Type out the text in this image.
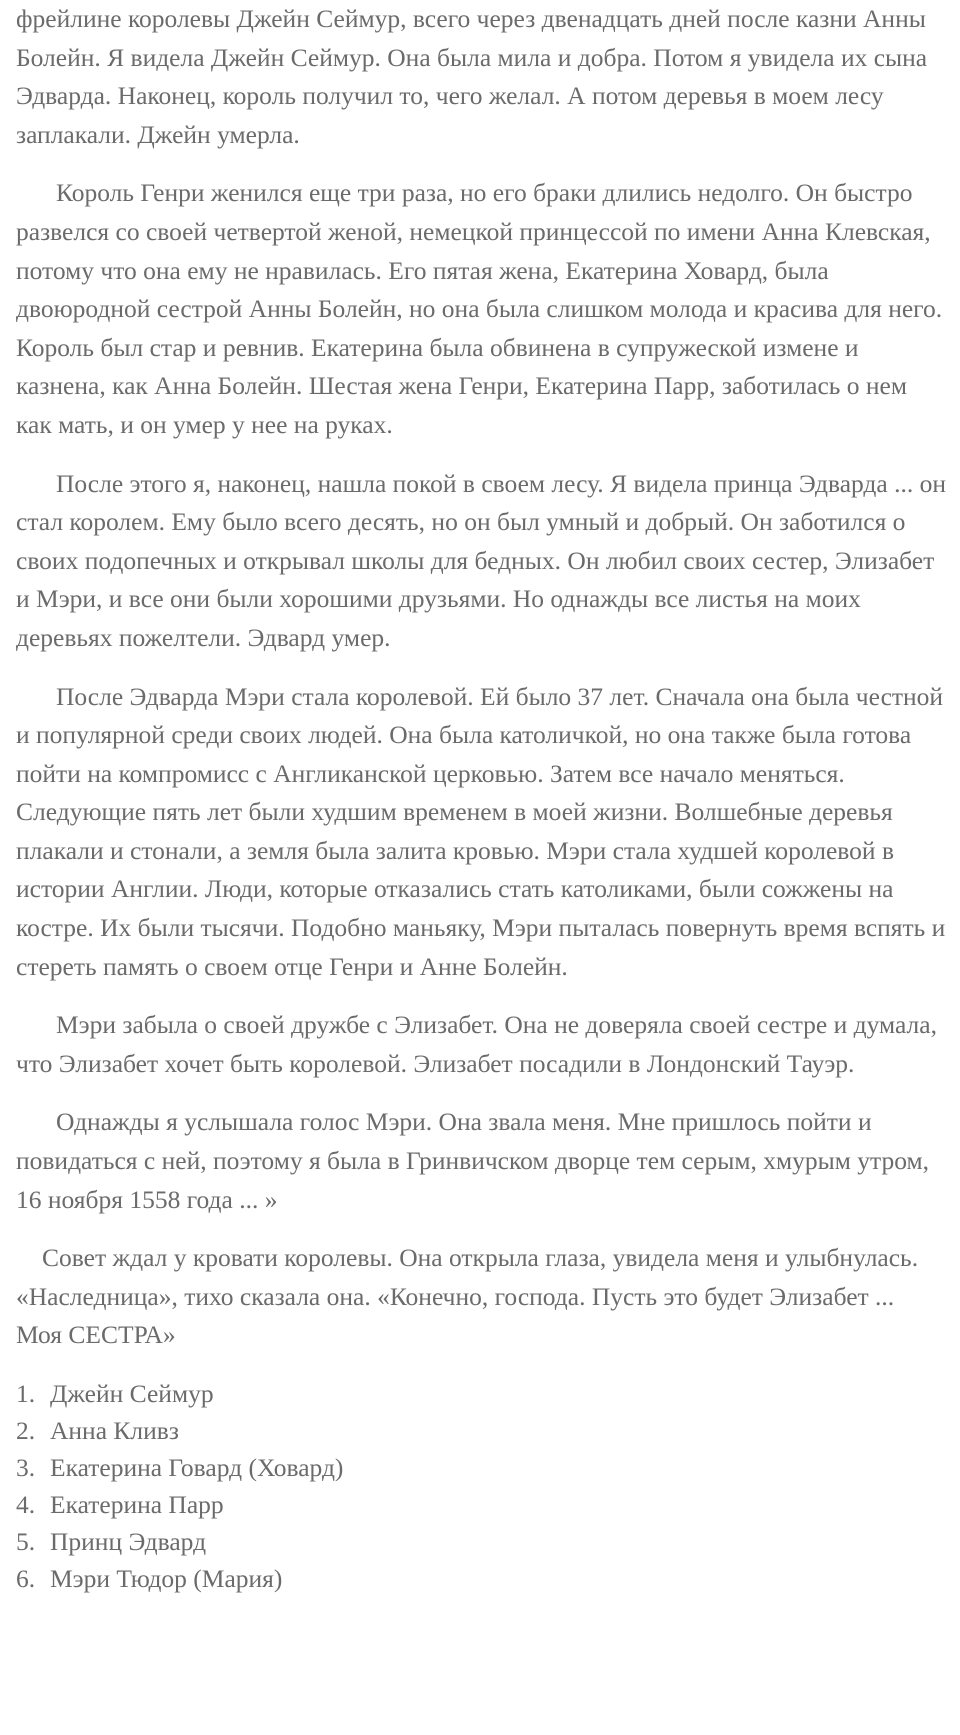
фрейлине королевы Джейн Сеймур, всего через двенадцать дней после казни Анны Болейн. Я видела Джейн Сеймур. Она была мила и добра. Потом я увидела их сына Эдварда. Наконец, король получил то, чего желал. А потом деревья в моем лесу заплакали. Джейн умерла.

Король Генри женился еще три раза, но его браки длились недолго. Он быстро развелся со своей четвертой женой, немецкой принцессой по имени Анна Клевская, потому что она ему не нравилась. Его пятая жена, Екатерина Ховард, была двоюродной сестрой Анны Болейн, но она была слишком молода и красива для него. Король был стар и ревнив. Екатерина была обвинена в супружеской измене и казнена, как Анна Болейн. Шестая жена Генри, Екатерина Парр, заботилась о нем как мать, и он умер у нее на руках.

После этого я, наконец, нашла покой в своем лесу. Я видела принца Эдварда ... он стал королем. Ему было всего десять, но он был умный и добрый. Он заботился о своих подопечных и открывал школы для бедных. Он любил своих сестер, Элизабет и Мэри, и все они были хорошими друзьями. Но однажды все листья на моих деревьях пожелтели. Эдвард умер.

После Эдварда Мэри стала королевой. Ей было 37 лет. Сначала она была честной и популярной среди своих людей. Она была католичкой, но она также была готова пойти на компромисс с Англиканской церковью. Затем все начало меняться. Следующие пять лет были худшим временем в моей жизни. Волшебные деревья плакали и стонали, а земля была залита кровью. Мэри стала худшей королевой в истории Англии. Люди, которые отказались стать католиками, были сожжены на костре. Их были тысячи. Подобно маньяку, Мэри пыталась повернуть время вспять и стереть память о своем отце Генри и Анне Болейн.

Мэри забыла о своей дружбе с Элизабет. Она не доверяла своей сестре и думала, что Элизабет хочет быть королевой. Элизабет посадили в Лондонский Тауэр.

Однажды я услышала голос Мэри. Она звала меня. Мне пришлось пойти и повидаться с ней, поэтому я была в Гринвичском дворце тем серым, хмурым утром, 16 ноября 1558 года ... »

Совет ждал у кровати королевы. Она открыла глаза, увидела меня и улыбнулась. «Наследница», тихо сказала она. «Конечно, господа. Пусть это будет Элизабет ... Моя СЕСТРА»

1. Джейн Сеймур
2. Анна Кливз
3. Екатерина Говард (Ховард)
4. Екатерина Парр
5. Принц Эдвард
6. Мэри Тюдор (Мария)
